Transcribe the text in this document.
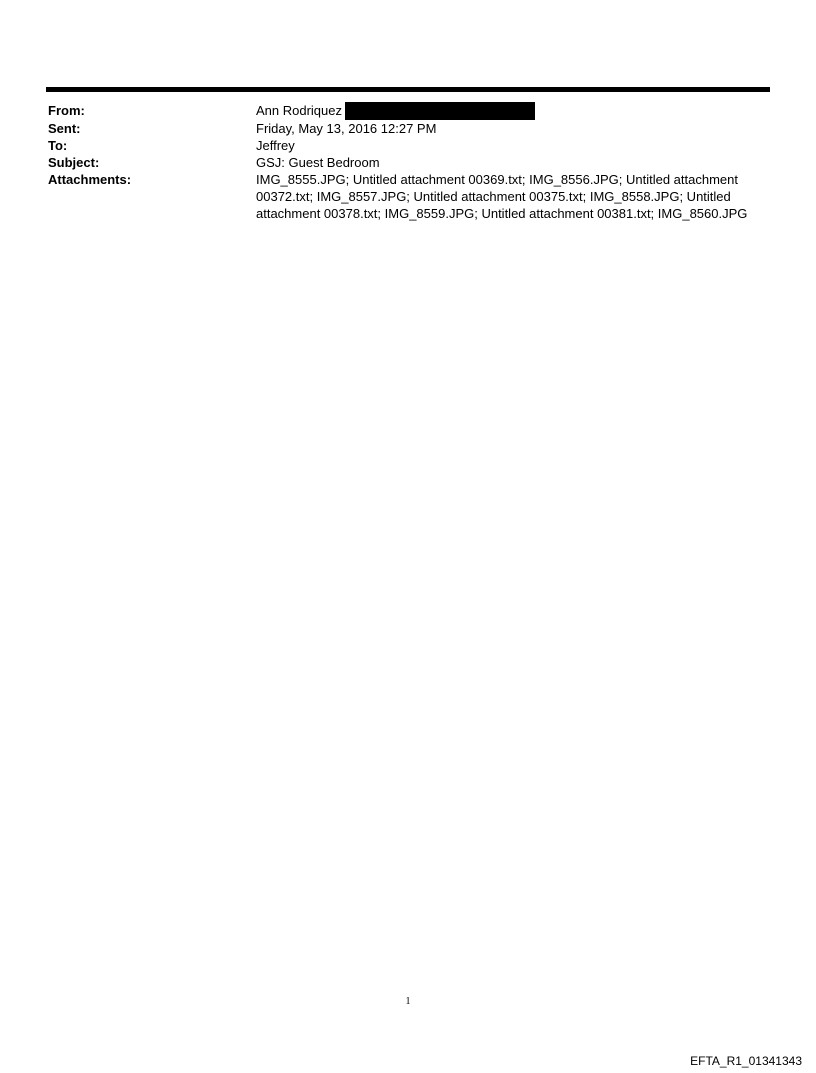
From:	Ann Rodriquez
Sent:	Friday, May 13, 2016 12:27 PM
To:	Jeffrey
Subject:	GSJ: Guest Bedroom
Attachments:	IMG_8555.JPG; Untitled attachment 00369.txt; IMG_8556.JPG; Untitled attachment 00372.txt; IMG_8557.JPG; Untitled attachment 00375.txt; IMG_8558.JPG; Untitled attachment 00378.txt; IMG_8559.JPG; Untitled attachment 00381.txt; IMG_8560.JPG
1
EFTA_R1_01341343
